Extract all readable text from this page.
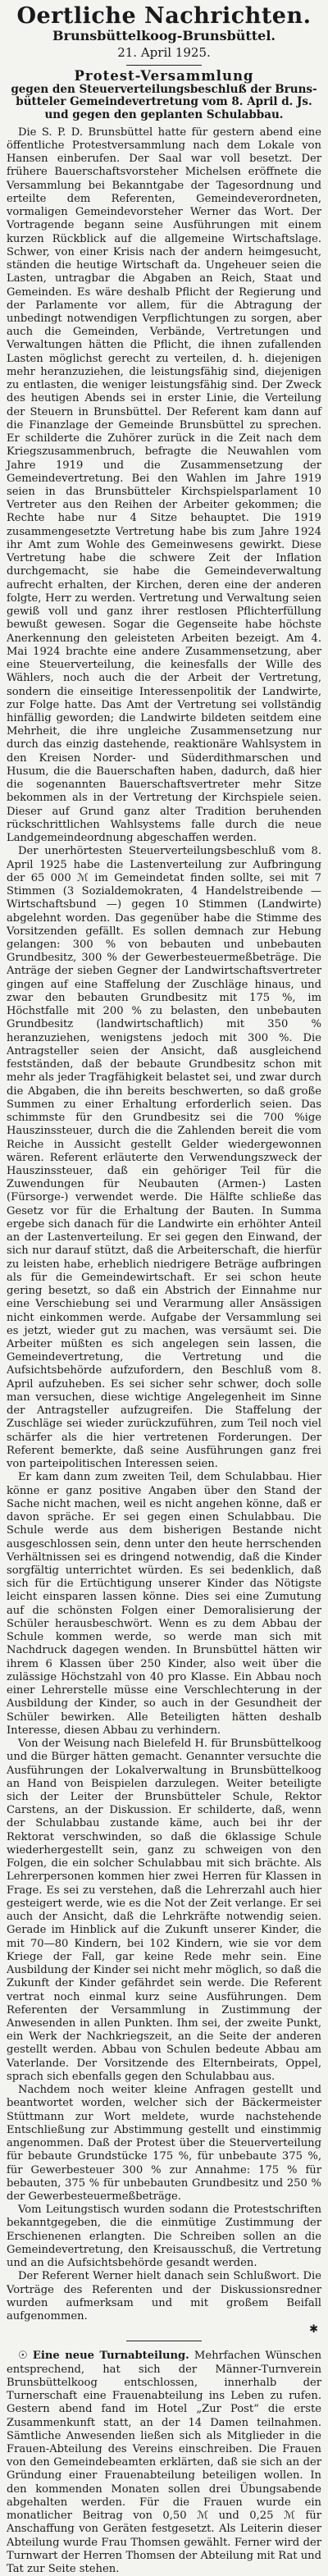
Oertliche Nachrichten.
Brunsbüttelkoog-Brunsbüttel.
21. April 1925.
Protest-Versammlung
gegen den Steuerverteilungsbeschluß der Bruns-
bütteler Gemeindevertretung vom 8. April d. Js.
und gegen den geplanten Schulabbau.

Die S. P. D. Brunsbüttel hatte für gestern abend eine öffentliche Protestversammlung nach dem Lokale von Hansen einberufen. Der Saal war voll besetzt. Der frühere Bauerschaftsvorsteher Michelsen eröffnete die Versammlung bei Bekanntgabe der Tagesordnung und erteilte dem Referenten, Gemeindeverordneten, vormaligen Gemeindevorsteher Werner das Wort. Der Vortragende begann seine Ausführungen mit einem kurzen Rückblick auf die allgemeine Wirtschaftslage. Schwer, von einer Krisis nach der andern heimgesucht, ständen die heutige Wirtschaft da. Ungeheuer seien die Lasten, untragbar die Abgaben an Reich, Staat und Gemeinden. Es wäre deshalb Pflicht der Regierung und der Parlamente vor allem, für die Abtragung der unbedingt notwendigen Verpflichtungen zu sorgen, aber auch die Gemeinden, Verbände, Vertretungen und Verwaltungen hätten die Pflicht, die ihnen zufallenden Lasten möglichst gerecht zu verteilen, d. h. diejenigen mehr heranzuziehen, die leistungsfähig sind, diejenigen zu entlasten, die weniger leistungsfähig sind. Der Zweck des heutigen Abends sei in erster Linie, die Verteilung der Steuern in Brunsbüttel. Der Referent kam dann auf die Finanzlage der Gemeinde Brunsbüttel zu sprechen. Er schilderte die Zuhörer zurück in die Zeit nach dem Kriegszusammenbruch, befragte die Neuwahlen vom Jahre 1919 und die Zusammensetzung der Gemeindevertretung. Bei den Wahlen im Jahre 1919 seien in das Brunsbütteler Kirchspielsparlament 10 Vertreter aus den Reihen der Arbeiter gekommen; die Rechte habe nur 4 Sitze behauptet. Die 1919 zusammengesetzte Vertretung habe bis zum Jahre 1924 ihr Amt zum Wohle des Gemeinwesens gewirkt. Diese Vertretung habe die schwere Zeit der Inflation durchgemacht, sie habe die Gemeindeverwaltung aufrecht erhalten, der Kirchen, deren eine der anderen folgte, Herr zu werden. Vertretung und Verwaltung seien gewiß voll und ganz ihrer restlosen Pflichterfüllung bewußt gewesen. Sogar die Gegenseite habe höchste Anerkennung den geleisteten Arbeiten bezeigt. Am 4. Mai 1924 brachte eine andere Zusammensetzung, aber eine Steuerverteilung, die keinesfalls der Wille des Wählers, noch auch die der Arbeit der Vertretung, sondern die einseitige Interessenpolitik der Landwirte, zur Folge hatte. Das Amt der Vertretung sei vollständig hinfällig geworden; die Landwirte bildeten seitdem eine Mehrheit, die ihre ungleiche Zusammensetzung nur durch das einzig dastehende, reaktionäre Wahlsystem in den Kreisen Norder- und Süderdithmarschen und Husum, die die Bauerschaften haben, dadurch, daß hier die sogenannten Bauerschaftsvertreter mehr Sitze bekommen als in der Vertretung der Kirchspiele seien. Dieser auf Grund ganz alter Tradition beruhenden rückschrittlichen Wahlsystems falle durch die neue Landgemeindeordnung abgeschaffen werden.

Der unerhörtesten Steuerverteilungsbeschluß vom 8. April 1925 habe die Lastenverteilung zur Aufbringung der 65 000 ℳ im Gemeindetat finden sollte, sei mit 7 Stimmen (3 Sozialdemokraten, 4 Handelstreibende — Wirtschaftsbund —) gegen 10 Stimmen (Landwirte) abgelehnt worden. Das gegenüber habe die Stimme des Vorsitzenden gefällt. Es sollen demnach zur Hebung gelangen: 300 % von bebauten und unbebauten Grundbesitz, 300 % der Gewerbesteuermeßbeträge. Die Anträge der sieben Gegner der Landwirtschaftsvertreter gingen auf eine Staffelung der Zuschläge hinaus, und zwar den bebauten Grundbesitz mit 175 %, im Höchstfalle mit 200 % zu belasten, den unbebauten Grundbesitz (landwirtschaftlich) mit 350 % heranzuziehen, wenigstens jedoch mit 300 %. Die Antragsteller seien der Ansicht, daß ausgleichend festständen, daß der bebaute Grundbesitz schon mit mehr als jeder Tragfähigkeit belastet sei, und zwar durch die Abgaben, die ihn bereits beschwerten, so daß große Summen zu einer Erhaltung erforderlich seien. Das schimmste für den Grundbesitz sei die 700 %ige Hauszinssteuer, durch die die Zahlenden bereit die vom Reiche in Aussicht gestellt Gelder wiedergewonnen wären. Referent erläuterte den Verwendungszweck der Hauszinssteuer, daß ein gehöriger Teil für die Zuwendungen für Neubauten (Armen-) Lasten (Fürsorge-) verwendet werde. Die Hälfte schließe das Gesetz vor für die Erhaltung der Bauten. In Summa ergebe sich danach für die Landwirte ein erhöhter Anteil an der Lastenverteilung. Er sei gegen den Einwand, der sich nur darauf stützt, daß die Arbeiterschaft, die hierfür zu leisten habe, erheblich niedrigere Beträge aufbringen als für die Gemeindewirtschaft. Er sei schon heute gering besetzt, so daß ein Abstrich der Einnahme nur eine Verschiebung sei und Verarmung aller Ansässigen nicht einkommen werde. Aufgabe der Versammlung sei es jetzt, wieder gut zu machen, was versäumt sei. Die Arbeiter müßten es sich angelegen sein lassen, die Gemeindevertretung, die Vertretung und die Aufsichtsbehörde aufzufordern, den Beschluß vom 8. April aufzuheben. Es sei sicher sehr schwer, doch solle man versuchen, diese wichtige Angelegenheit im Sinne der Antragsteller aufzugreifen. Die Staffelung der Zuschläge sei wieder zurückzuführen, zum Teil noch viel schärfer als die hier vertretenen Forderungen. Der Referent bemerkte, daß seine Ausführungen ganz frei von parteipolitischen Interessen seien.

Er kam dann zum zweiten Teil, dem Schulabbau. Hier könne er ganz positive Angaben über den Stand der Sache nicht machen, weil es nicht angehen könne, daß er davon spräche. Er sei gegen einen Schulabbau. Die Schule werde aus dem bisherigen Bestande nicht ausgeschlossen sein, denn unter den heute herrschenden Verhältnissen sei es dringend notwendig, daß die Kinder sorgfältig unterrichtet würden. Es sei bedenklich, daß sich für die Ertüchtigung unserer Kinder das Nötigste leicht einsparen lassen könne. Dies sei eine Zumutung auf die schönsten Folgen einer Demoralisierung der Schüler herausbeschwört. Wenn es zu dem Abbau der Schule kommen werde, so werde man sich mit Nachdruck dagegen wenden. In Brunsbüttel hätten wir ihrem 6 Klassen über 250 Kinder, also weit über die zulässige Höchstzahl von 40 pro Klasse. Ein Abbau noch einer Lehrerstelle müsse eine Verschlechterung in der Ausbildung der Kinder, so auch in der Gesundheit der Schüler bewirken. Alle Beteiligten hätten deshalb Interesse, diesen Abbau zu verhindern.

Von der Weisung nach Bielefeld H. für Brunsbüttelkoog und die Bürger hätten gemacht. Genannter versuchte die Ausführungen der Lokalverwaltung in Brunsbüttelkoog an Hand von Beispielen darzulegen. Weiter beteiligte sich der Leiter der Brunsbütteler Schule, Rektor Carstens, an der Diskussion. Er schilderte, daß, wenn der Schulabbau zustande käme, auch bei ihr der Rektorat verschwinden, so daß die 6klassige Schule wiederhergestellt sein, ganz zu schweigen von den Folgen, die ein solcher Schulabbau mit sich brächte. Als Lehrerpersonen kommen hier zwei Herren für Klassen in Frage. Es sei zu verstehen, daß die Lehrerzahl auch hier gesteigert werde, wie es die Not der Zeit verlange. Er sei auch der Ansicht, daß die Lehrkräfte notwendig seien. Gerade im Hinblick auf die Zukunft unserer Kinder, die mit 70—80 Kindern, bei 102 Kindern, wie sie vor dem Kriege der Fall, gar keine Rede mehr sein. Eine Ausbildung der Kinder sei nicht mehr möglich, so daß die Zukunft der Kinder gefährdet sein werde. Die Referent vertrat noch einmal kurz seine Ausführungen. Dem Referenten der Versammlung in Zustimmung der Anwesenden in allen Punkten. Ihm sei, der zweite Punkt, ein Werk der Nachkriegszeit, an die Seite der anderen gestellt werden. Abbau von Schulen bedeute Abbau am Vaterlande. Der Vorsitzende des Elternbeirats, Oppel, sprach sich ebenfalls gegen den Schulabbau aus.

Nachdem noch weiter kleine Anfragen gestellt und beantwortet worden, welcher sich der Bäckermeister Stüttmann zur Wort meldete, wurde nachstehende Entschließung zur Abstimmung gestellt und einstimmig angenommen. Daß der Protest über die Steuerverteilung für bebaute Grundstücke 175 %, für unbebaute 375 %, für Gewerbesteuer 300 % zur Annahme: 175 % für bebauten, 375 % für unbebauten Grundbesitz und 250 % der Gewerbesteuermeßbeträge.

Vom Leitungstisch wurden sodann die Protestschriften bekanntgegeben, die die einmütige Zustimmung der Erschienenen erlangten. Die Schreiben sollen an die Gemeindevertretung, den Kreisausschuß, die Vertretung und an die Aufsichtsbehörde gesandt werden.

Der Referent Werner hielt danach sein Schlußwort. Die Vorträge des Referenten und der Diskussionsredner wurden aufmerksam und mit großem Beifall aufgenommen.

✱

☉ Eine neue Turnabteilung. Mehrfachen Wünschen entsprechend, hat sich der Männer-Turnverein Brunsbüttelkoog entschlossen, innerhalb der Turnerschaft eine Frauenabteilung ins Leben zu rufen. Gestern abend fand im Hotel „Zur Post“ die erste Zusammenkunft statt, an der 14 Damen teilnahmen. Sämtliche Anwesenden ließen sich als Mitglieder in die Frauen-Abteilung des Vereins einschreiben. Die Frauen von den Gemeindebeamten erklärten, daß sie sich an der Gründung einer Frauenabteilung beteiligen wollen. In den kommenden Monaten sollen drei Übungsabende abgehalten werden. Für die Frauen wurde ein monatlicher Beitrag von 0,50 ℳ und 0,25 ℳ für Anschaffung von Geräten festgesetzt. Als Leiterin dieser Abteilung wurde Frau Thomsen gewählt. Ferner wird der Turnwart der Herren Thomsen der Abteilung mit Rat und Tat zur Seite stehen.
